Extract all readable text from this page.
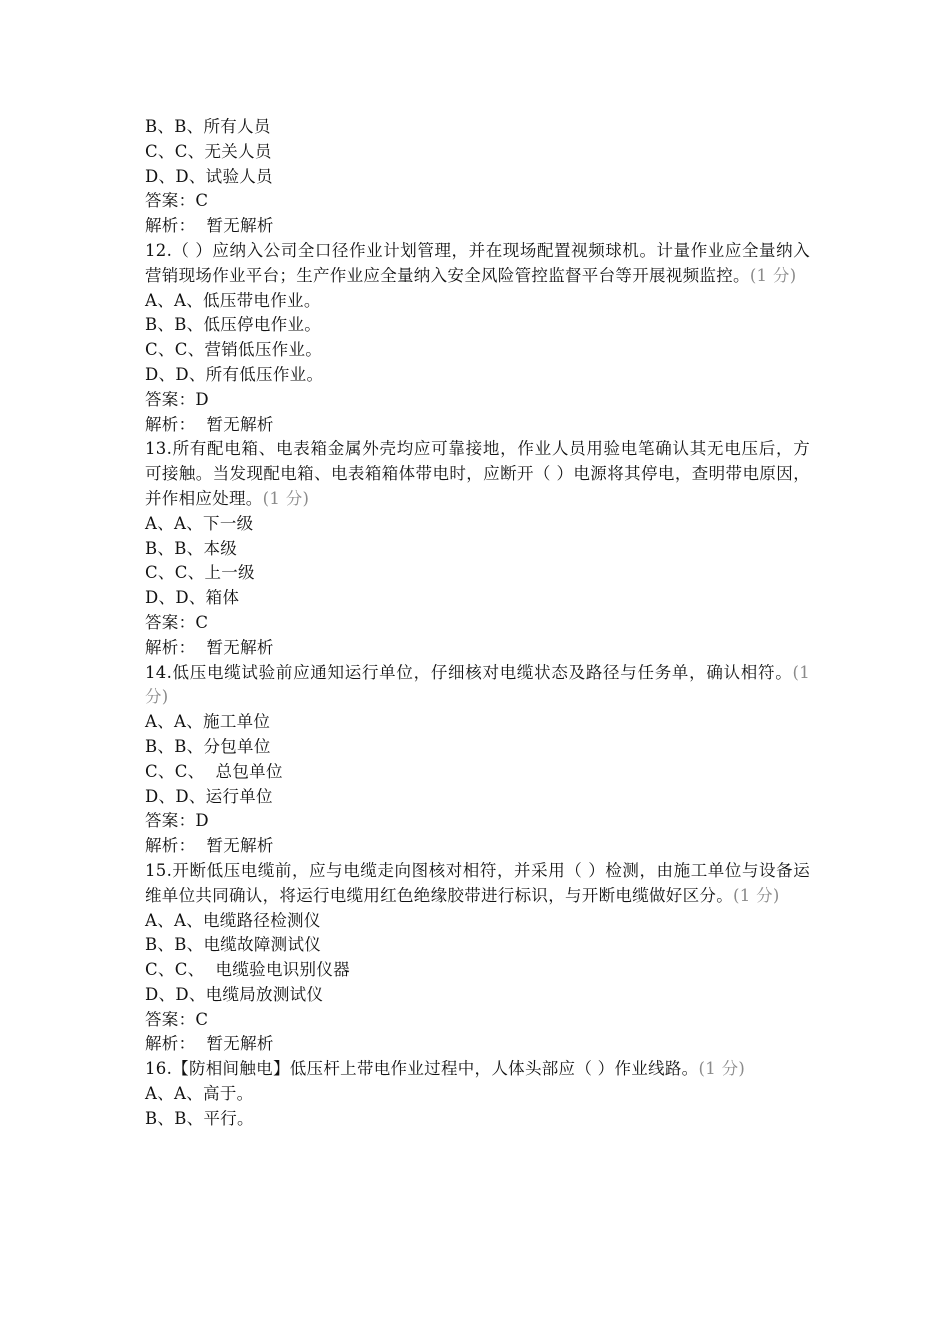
B、B、所有人员
C、C、无关人员
D、D、试验人员
答案：C
解析：  暂无解析
12.（ ）应纳入公司全口径作业计划管理，并在现场配置视频球机。计量作业应全量纳入营销现场作业平台；生产作业应全量纳入安全风险管控监督平台等开展视频监控。(1 分)
A、A、低压带电作业。
B、B、低压停电作业。
C、C、营销低压作业。
D、D、所有低压作业。
答案：D
解析：  暂无解析
13.所有配电箱、电表箱金属外壳均应可靠接地，作业人员用验电笔确认其无电压后，方可接触。当发现配电箱、电表箱箱体带电时，应断开（ ）电源将其停电，查明带电原因，并作相应处理。(1 分)
A、A、下一级
B、B、本级
C、C、上一级
D、D、箱体
答案：C
解析：  暂无解析
14.低压电缆试验前应通知运行单位，仔细核对电缆状态及路径与任务单，确认相符。(1 分)
A、A、施工单位
B、B、分包单位
C、C、  总包单位
D、D、运行单位
答案：D
解析：  暂无解析
15.开断低压电缆前，应与电缆走向图核对相符，并采用（ ）检测，由施工单位与设备运维单位共同确认，将运行电缆用红色绝缘胶带进行标识，与开断电缆做好区分。(1 分)
A、A、电缆路径检测仪
B、B、电缆故障测试仪
C、C、  电缆验电识别仪器
D、D、电缆局放测试仪
答案：C
解析：  暂无解析
16.【防相间触电】低压杆上带电作业过程中，人体头部应（ ）作业线路。(1 分)
A、A、高于。
B、B、平行。
